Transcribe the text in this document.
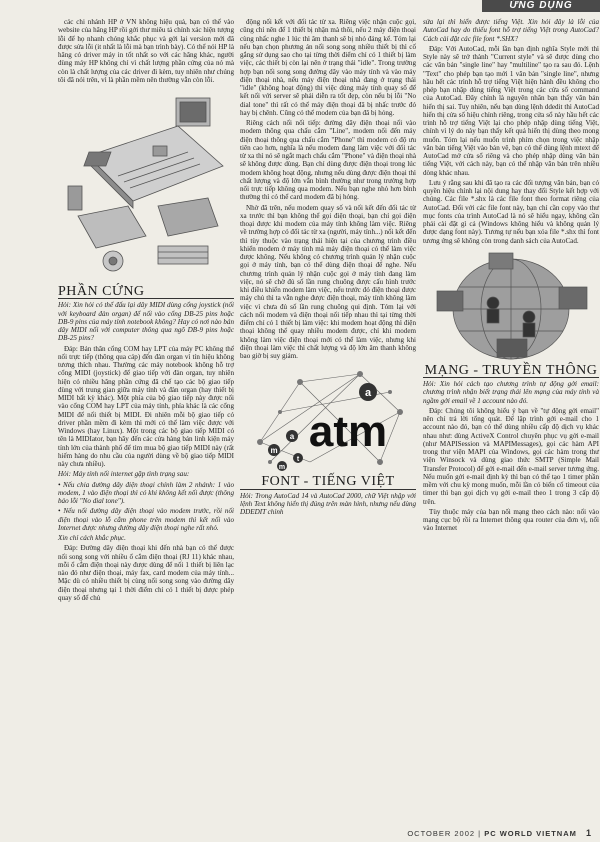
ỨNG DỤNG

các chi nhánh HP ở VN không hiệu quả, bạn có thể vào website của hãng HP rồi gởi thư miêu tả chính xác hiện tượng lỗi để họ nhanh chóng khắc phục và gởi lại version mới đã được sửa lỗi (it nhất là lỗi mà bạn trình bày). Có thể nói HP là hãng có driver máy in tốt nhất so với các hãng khác, người dùng máy HP không chỉ vì chất lượng phần cứng của nó mà còn là chất lượng của các driver đi kèm, tuy nhiên như chúng tôi đã nói trên, vì là phần mềm nên thường vẫn còn lỗi.

PHẦN CỨNG

Hỏi: Xin hỏi có thể đấu lại dây MIDI dùng cổng joystick (nối với keyboard đàn organ) để nối vào cổng DB-25 pins hoặc DB-9 pins của máy tính notebook không? Hay có nơi nào bán dây MIDI nối với computer thông qua ngõ DB-9 pins hoặc DB-25 pins?

Đáp: Bản thân cổng COM hay LPT của máy PC không thể nối trực tiếp (thông qua cáp) đến đàn organ vì tín hiệu không tương thích nhau. Thường các máy notebook không hỗ trợ cổng MIDI (joystick) để giao tiếp với đàn organ, tuy nhiên hiện có nhiều hãng phần cứng đã chế tạo các bộ giao tiếp dùng với trung gian giữa máy tính và đàn organ (hay thiết bị MIDI bất kỳ khác). Một phía của bộ giao tiếp này được nối vào cổng COM hay LPT của máy tính, phía khác là các cổng MIDI để nối thiết bị MIDI. Đi nhiên mỗi bộ giao tiếp có driver phần mềm đi kèm thì mới có thể làm việc được với Windows (hay Linux). Một trong các bộ giao tiếp MIDI có tên là MIDIator, bạn hãy đến các cửa hàng bán linh kiện máy tính lớn của thành phố để tìm mua bộ giao tiếp MIDI này (rất hiếm hàng do nhu cầu của người dùng về bộ giao tiếp MIDI này chưa nhiều).

Hỏi: Máy tính nối internet gặp tình trạng sau:

• Nếu chia đường dây điện thoại chính làm 2 nhánh: 1 vào modem, 1 vào điện thoại thì có khi không kết nối được (thông báo lỗi "No dial tone").

• Nếu nối đường dây điện thoại vào modem trước, rồi nối điện thoại vào lỗ cắm phone trên modem thì kết nối vào Internet được nhưng đường dây điện thoại nghe rất nhỏ.

Xin chỉ cách khắc phục.

Đáp: Đường dây điện thoại khi đến nhà bạn có thể được nối song song với nhiều ổ cắm điện thoại (RJ 11) khác nhau, mỗi ổ cắm điện thoại này được dùng để nối 1 thiết bị liên lạc nào đó như điện thoại, máy fax, card modem của máy tính... Mặc dù có nhiều thiết bị cùng nối song song vào đường dây điện thoại nhưng tại 1 thời điểm chỉ có 1 thiết bị được phép quay số để chủ

động nối kết với đối tác từ xa. Riêng việc nhận cuộc gọi, cũng chỉ nên để 1 thiết bị nhận mà thôi, nếu 2 máy điện thoại cùng nhấc nghe 1 lúc thì âm thanh sẽ bị nhỏ đáng kể. Tóm lại nếu bạn chọn phương án nối song song nhiều thiết bị thì cố gắng sử dụng sao cho tại từng thời điểm chỉ có 1 thiết bị làm việc, các thiết bị còn lại nên ở trạng thái "idle". Trong trường hợp bạn nối song song đường dây vào máy tính và vào máy điện thoại nhà, nếu máy điện thoại nhà đang ở trạng thái "idle" (không hoạt động) thì việc dùng máy tính quay số để kết nối với server sẽ phải diễn ra tốt đẹp, còn nếu bị lỗi "No dial tone" thì rất có thể máy điện thoại đã bị nhấc trước đó hay bị chênh. Cũng có thể modem của bạn đã bị hỏng.

Riêng cách nối nối tiếp: đường dây điện thoại nối vào modem thông qua chấu cắm "Line", modem nối đến máy điện thoại thông qua chấu cắm "Phone" thì modem có độ ưu tiên cao hơn, nghĩa là nếu modem đang làm việc với đối tác từ xa thì nó sẽ ngắt mạch chấu cắm "Phone" và điện thoại nhà sẽ không được dùng. Bạn chỉ dùng được điện thoại trong lúc modem không hoạt động, nhưng nếu dùng được điện thoại thì chất lượng và độ lớn vẫn bình thường như trong trường hợp nối trực tiếp không qua modem. Nếu bạn nghe nhỏ hơn bình thường thì có thể card modem đã bị hỏng.

Nhờ đã trên, nếu modem quay số và nối kết đến đối tác từ xa trước thì bạn không thể gọi điện thoại, bạn chỉ gọi điện thoại được khi modem của máy tính không làm việc. Riêng về trường hợp có đối tác từ xa (người, máy tính...) nối kết đến thì tùy thuộc vào trạng thái hiện tại của chương trình điều khiển modem ở máy tính mà máy điện thoại có thể làm việc được không. Nếu không có chương trình quản lý nhận cuộc gọi ở máy tính, bạn có thể dùng điện thoại để nghe. Nếu chương trình quản lý nhận cuộc gọi ở máy tính đang làm việc, nó sẽ chờ đủ số lần rung chuông được cấu hình trước khi điều khiển modem làm việc, nếu trước đó điện thoại được máy chủ thì ta vẫn nghe được điện thoại, máy tính không làm việc vì chưa đủ số lần rung chuông qui định. Tóm lại với cách nối modem và điện thoại nối tiếp nhau thì tại từng thời điểm chỉ có 1 thiết bị làm việc: khi modem hoạt động thì điện thoại không thể quay nhiều modem được, chỉ khi modem không làm việc điện thoại mới có thể làm việc, nhưng khi điện thoại làm việc thì chất lượng và độ lớn âm thanh không bao giờ bị suy giảm.

a
m
a
m
t
atm
FONT - TIẾNG VIỆT

Hỏi: Trong AutoCad 14 và AutoCad 2000, chữ Việt nhập với lệnh Text không hiển thị đúng trên màn hình, nhưng nếu dùng DDEDIT chỉnh

sửa lại thì hiển được tiếng Việt. Xin hỏi đây là lỗi của AutoCad hay do thiếu font hỗ trợ tiếng Việt trong AutoCad? Cách cài đặt các file font *.SHX?

Đáp: Với AutoCad, mỗi lần bạn định nghĩa Style mới thì Style này sẽ trở thành "Current style" và sẽ được dùng cho các văn bản "single line" hay "multiline" tạo ra sau đó. Lệnh "Text" cho phép bạn tạo mới 1 văn bản "single line", nhưng hầu hết các trình hỗ trợ tiếng Việt hiện hành đều không cho phép bạn nhập dùng tiếng Việt trong các cửa sổ command của AutoCad. Đây chính là nguyên nhân bạn thấy văn bản hiển thị sai. Tuy nhiên, nếu bạn dùng lệnh ddedit thì AutoCad hiển thị cửa sổ hiệu chỉnh riêng, trong cửa sổ này hầu hết các trình hỗ trợ tiếng Việt lại cho phép nhập dùng tiếng Việt, chính vì lý do này bạn thấy kết quả hiển thị dùng theo mong muốn. Tóm lại nếu muốn trình phím chọn trong việc nhập văn bản tiếng Việt vào bản vẽ, bạn có thể dùng lệnh mtext để AutoCad mở cửa sổ riêng và cho phép nhập dùng văn bản tiếng Việt, với cách này, bạn có thể nhập văn bản trên nhiều dòng khác nhau.

Lưu ý rằng sau khi đã tạo ra các đối tượng văn bản, bạn có quyền hiệu chỉnh lại nội dung hay thay đổi Style kết hợp với chúng. Các file *.shx là các file font theo format riêng của AutoCad. Đối với các file font này, bạn chỉ cần copy vào thư mục fonts của trình AutoCad là nó sẽ hiểu ngay, không cần phải cài đặt gì cả (Windows không hiểu và không quản lý được dạng font này). Tương tự nếu bạn xóa file *.shx thì font tương ứng sẽ không còn trong danh sách của AutoCad.

MẠNG - TRUYỀN THÔNG

Hỏi: Xin hỏi cách tạo chương trình tự động gởi email: chương trình nhận biết trạng thái lên mạng của máy tính và ngầm gởi email về 1 account nào đó.

Đáp: Chúng tôi không hiểu ý bạn về "tự động gởi email" nên chỉ trả lời tổng quát. Để lập trình gởi e-mail cho 1 account nào đó, bạn có thể dùng nhiều cấp độ dịch vụ khác nhau như: dùng ActiveX Control chuyên phục vụ gởi e-mail (như MAPISession và MAPIMessages), gọi các hàm API trong thư viện MAPI của Windows, gọi các hàm trong thư viện Winsock và dùng giao thức SMTP (Simple Mail Transfer Protocol) để gởi e-mail đến e-mail server tương ứng. Nếu muốn gởi e-mail định kỳ thì bạn có thể tạo 1 timer phần mềm với chu kỳ mong muốn, mỗi lần có biến cố timeout của timer thì bạn gọi dịch vụ gởi e-mail theo 1 trong 3 cấp độ trên.

Tùy thuộc máy của bạn nối mạng theo cách nào: nối vào mạng cục bộ rồi ra Internet thông qua router của đơn vị, nối vào Internet

OCTOBER 2002 | PC WORLD VIETNAM 1
